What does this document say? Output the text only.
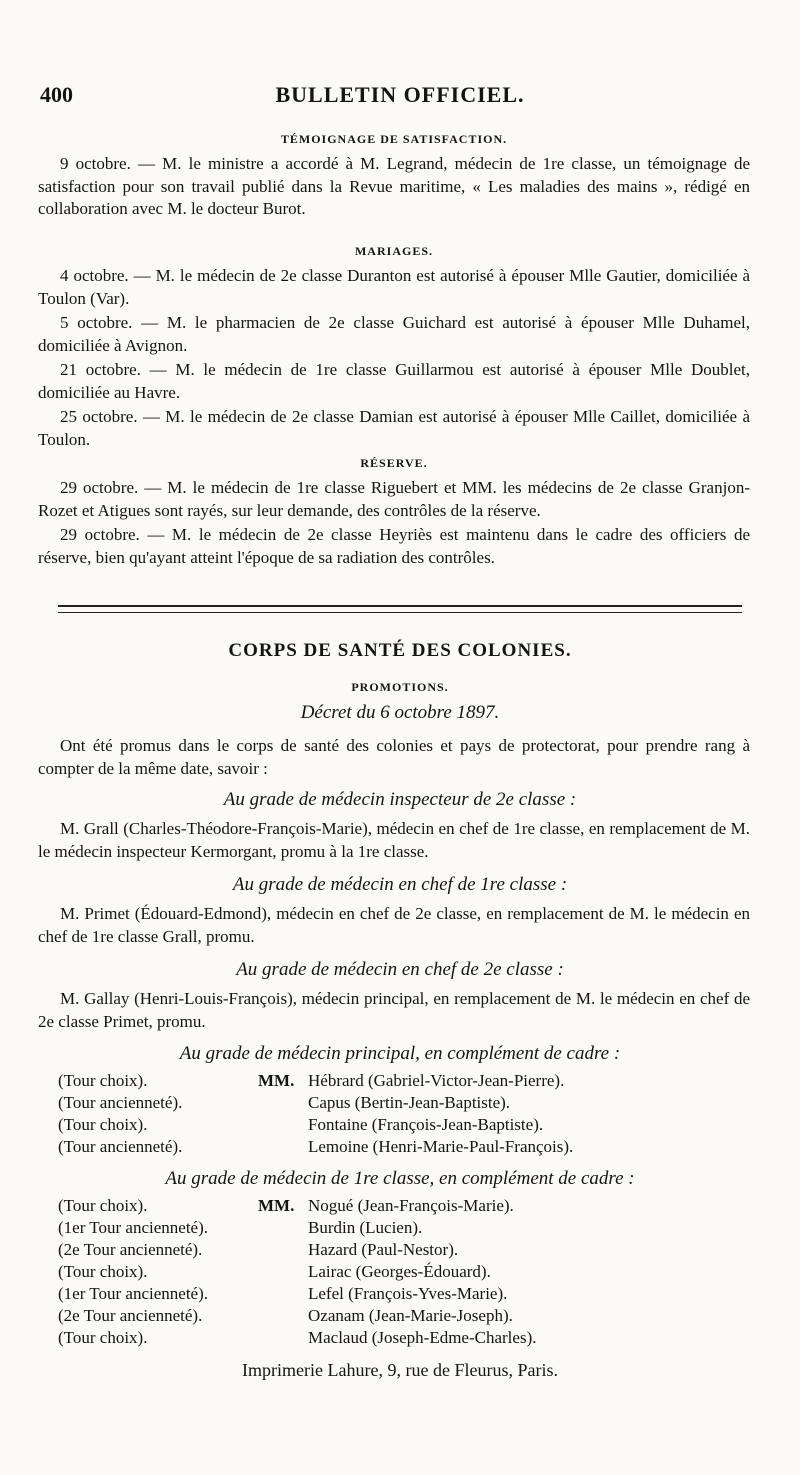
400	BULLETIN OFFICIEL.
TÉMOIGNAGE DE SATISFACTION.

9 octobre. — M. le ministre a accordé à M. Legrand, médecin de 1re classe, un témoignage de satisfaction pour son travail publié dans la Revue maritime, « Les maladies des mains », rédigé en collaboration avec M. le docteur Burot.

MARIAGES.

4 octobre. — M. le médecin de 2e classe Duranton est autorisé à épouser Mlle Gautier, domiciliée à Toulon (Var).

5 octobre. — M. le pharmacien de 2e classe Guichard est autorisé à épouser Mlle Duhamel, domiciliée à Avignon.

21 octobre. — M. le médecin de 1re classe Guillarmou est autorisé à épouser Mlle Doublet, domiciliée au Havre.

25 octobre. — M. le médecin de 2e classe Damian est autorisé à épouser Mlle Caillet, domiciliée à Toulon.

RÉSERVE.

29 octobre. — M. le médecin de 1re classe Riguebert et MM. les médecins de 2e classe Granjon-Rozet et Atigues sont rayés, sur leur demande, des contrôles de la réserve.

29 octobre. — M. le médecin de 2e classe Heyriès est maintenu dans le cadre des officiers de réserve, bien qu'ayant atteint l'époque de sa radiation des contrôles.

CORPS DE SANTÉ DES COLONIES.
PROMOTIONS.
Décret du 6 octobre 1897.

Ont été promus dans le corps de santé des colonies et pays de protectorat, pour prendre rang à compter de la même date, savoir :

Au grade de médecin inspecteur de 2e classe :

M. Grall (Charles-Théodore-François-Marie), médecin en chef de 1re classe, en remplacement de M. le médecin inspecteur Kermorgant, promu à la 1re classe.

Au grade de médecin en chef de 1re classe :

M. Primet (Édouard-Edmond), médecin en chef de 2e classe, en remplacement de M. le médecin en chef de 1re classe Grall, promu.

Au grade de médecin en chef de 2e classe :

M. Gallay (Henri-Louis-François), médecin principal, en remplacement de M. le médecin en chef de 2e classe Primet, promu.

Au grade de médecin principal, en complément de cadre :
(Tour choix).	MM.	Hébrard (Gabriel-Victor-Jean-Pierre).
(Tour ancienneté).		Capus (Bertin-Jean-Baptiste).
(Tour choix).		Fontaine (François-Jean-Baptiste).
(Tour ancienneté).		Lemoine (Henri-Marie-Paul-François).
Au grade de médecin de 1re classe, en complément de cadre :
(Tour choix).	MM.	Nogué (Jean-François-Marie).
(1er Tour ancienneté).		Burdin (Lucien).
(2e Tour ancienneté).		Hazard (Paul-Nestor).
(Tour choix).		Lairac (Georges-Édouard).
(1er Tour ancienneté).		Lefel (François-Yves-Marie).
(2e Tour ancienneté).		Ozanam (Jean-Marie-Joseph).
(Tour choix).		Maclaud (Joseph-Edme-Charles).
Imprimerie Lahure, 9, rue de Fleurus, Paris.
